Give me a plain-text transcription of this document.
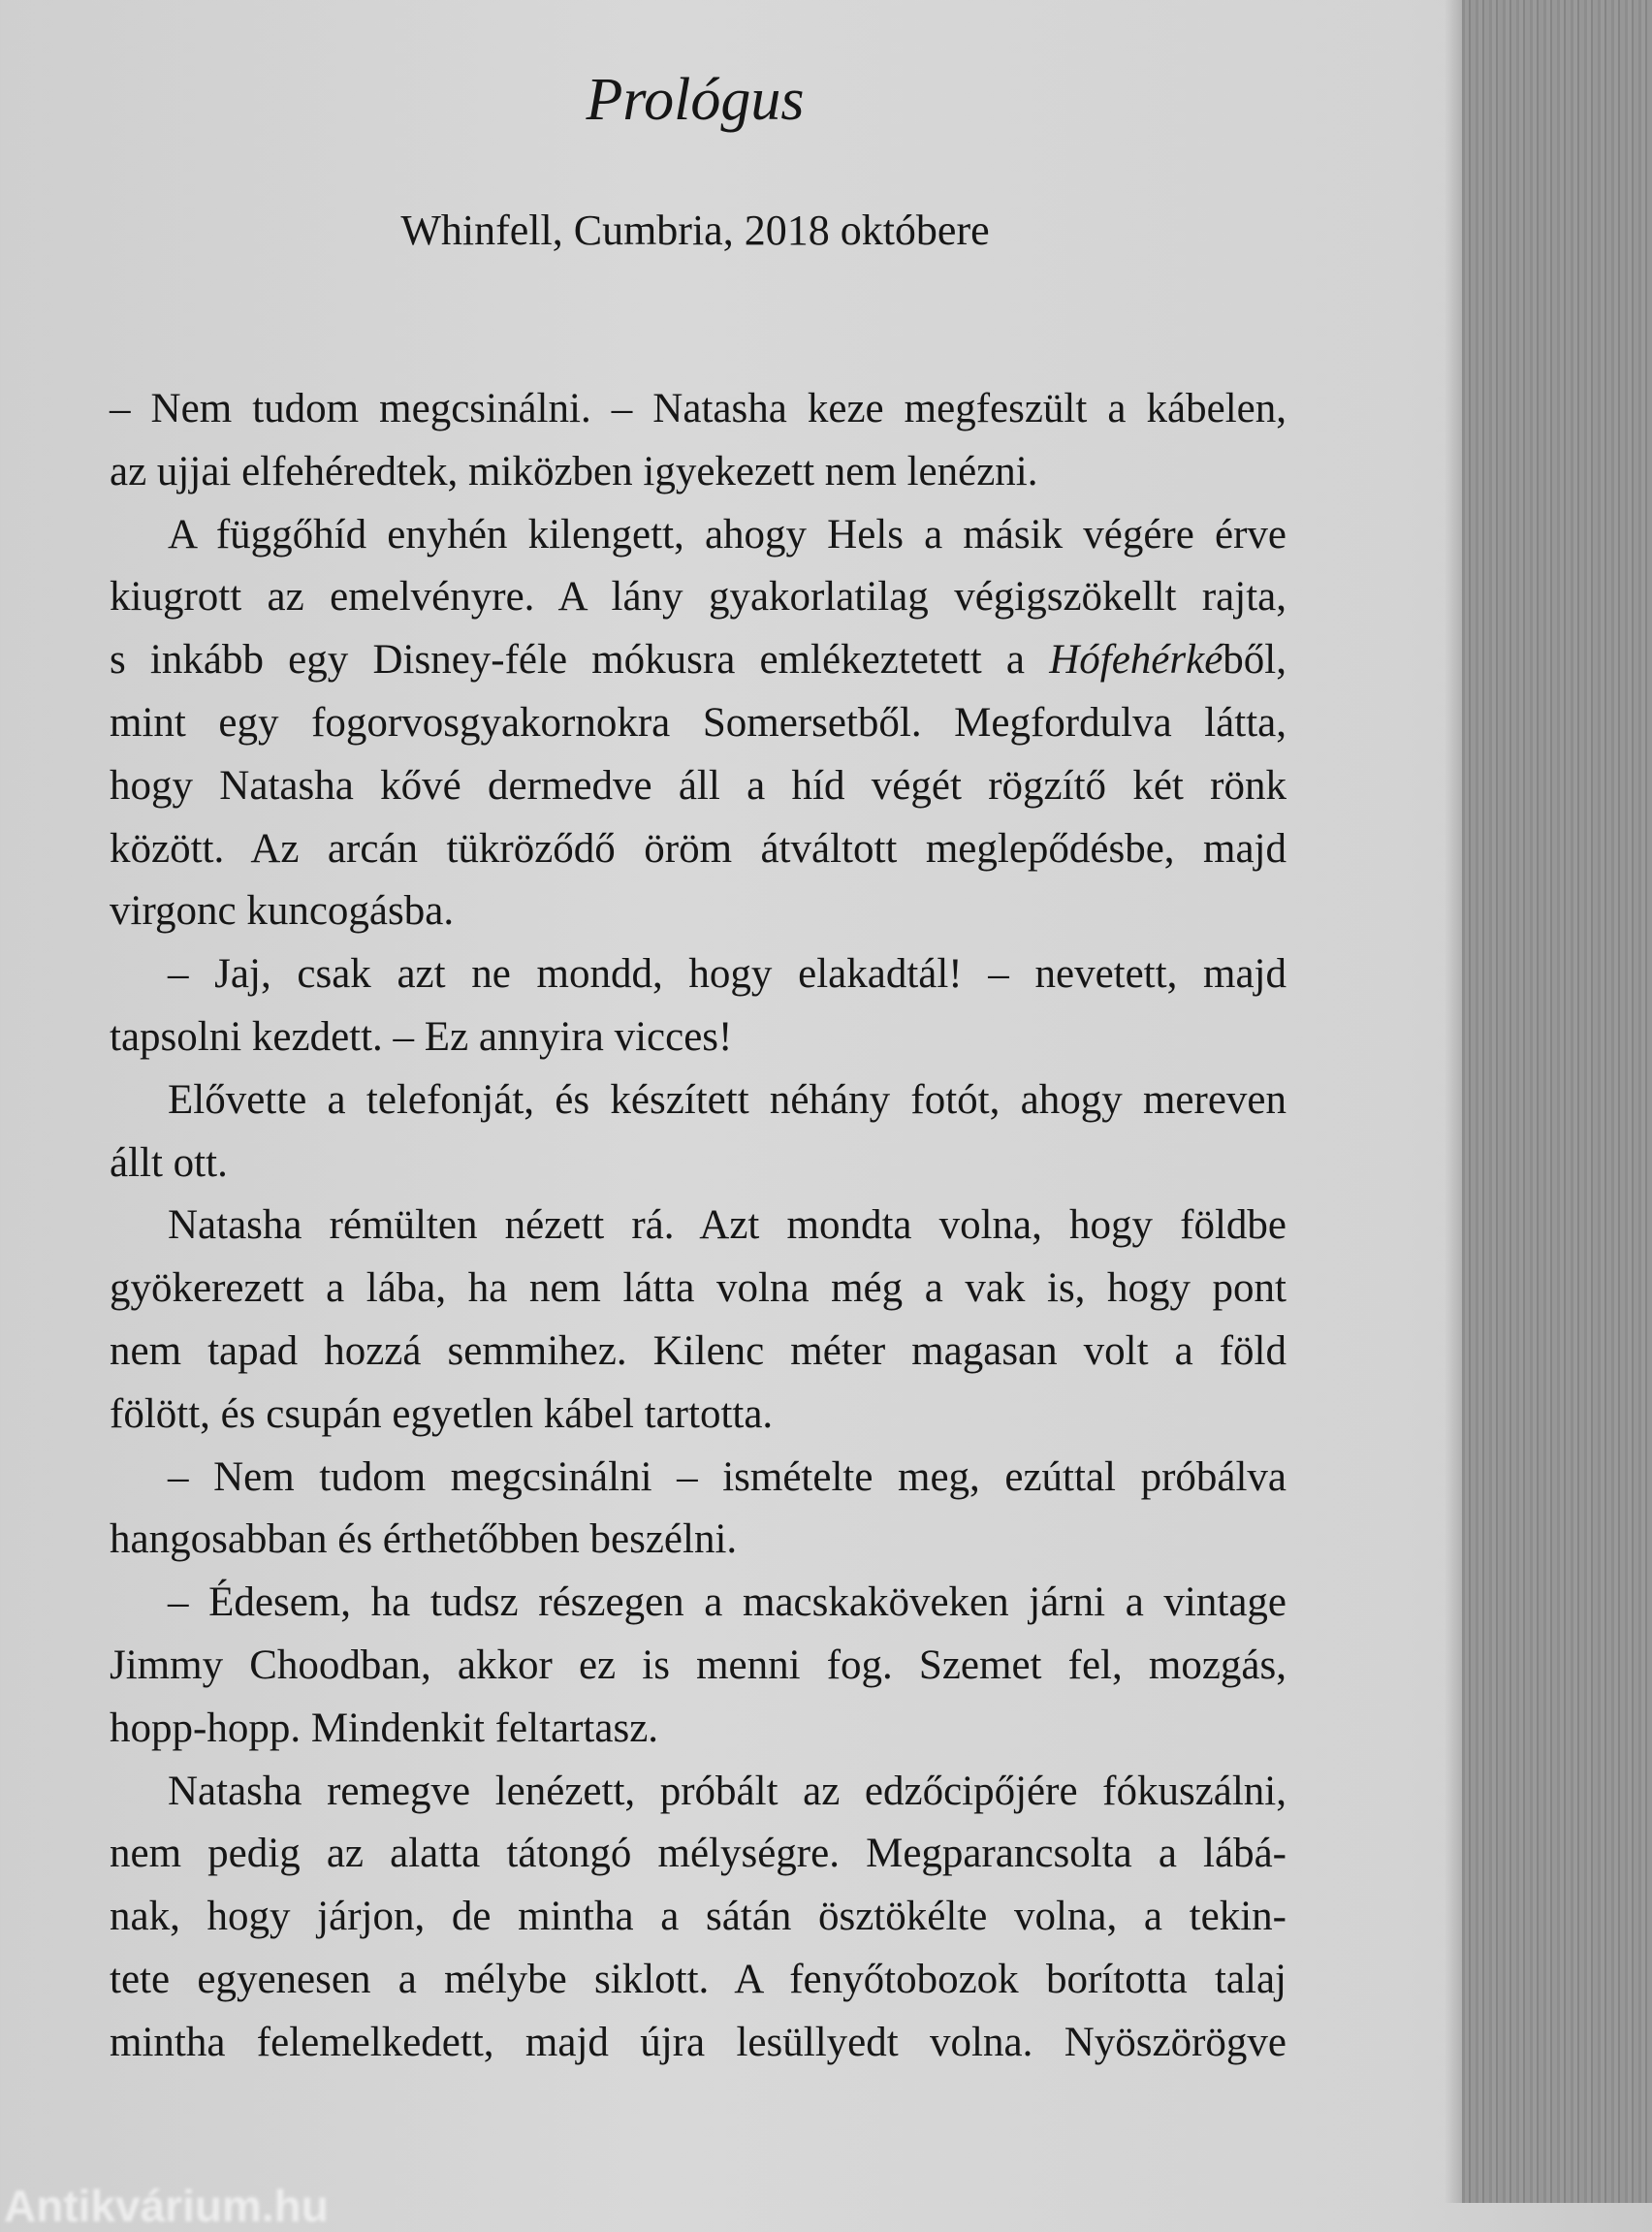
Prológus
Whinfell, Cumbria, 2018 októbere
– Nem tudom megcsinálni. – Natasha keze megfeszült a kábelen,
az ujjai elfehéredtek, miközben igyekezett nem lenézni.
A függőhíd enyhén kilengett, ahogy Hels a másik végére érve
kiugrott az emelvényre. A lány gyakorlatilag végigszökellt rajta,
s inkább egy Disney-féle mókusra emlékeztetett a Hófehérkéből,
mint egy fogorvosgyakornokra Somersetből. Megfordulva látta,
hogy Natasha kővé dermedve áll a híd végét rögzítő két rönk
között. Az arcán tükröződő öröm átváltott meglepődésbe, majd
virgonc kuncogásba.
– Jaj, csak azt ne mondd, hogy elakadtál! – nevetett, majd
tapsolni kezdett. – Ez annyira vicces!
Elővette a telefonját, és készített néhány fotót, ahogy mereven
állt ott.
Natasha rémülten nézett rá. Azt mondta volna, hogy földbe
gyökerezett a lába, ha nem látta volna még a vak is, hogy pont
nem tapad hozzá semmihez. Kilenc méter magasan volt a föld
fölött, és csupán egyetlen kábel tartotta.
– Nem tudom megcsinálni – ismételte meg, ezúttal próbálva
hangosabban és érthetőbben beszélni.
– Édesem, ha tudsz részegen a macskaköveken járni a vintage
Jimmy Choodban, akkor ez is menni fog. Szemet fel, mozgás,
hopp-hopp. Mindenkit feltartasz.
Natasha remegve lenézett, próbált az edzőcipőjére fókuszálni,
nem pedig az alatta tátongó mélységre. Megparancsolta a lábá-
nak, hogy járjon, de mintha a sátán ösztökélte volna, a tekin-
tete egyenesen a mélybe siklott. A fenyőtobozok borította talaj
mintha felemelkedett, majd újra lesüllyedt volna. Nyöszörögve
Antikvárium.hu
